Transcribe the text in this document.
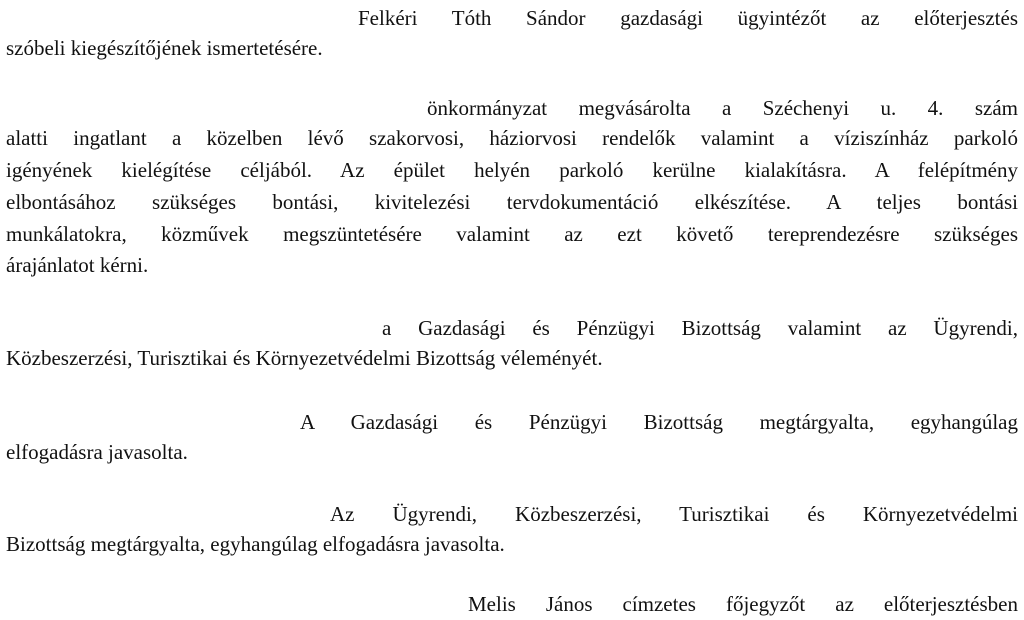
Felkéri Tóth Sándor gazdasági ügyintézőt az előterjesztés
szóbeli kiegészítőjének ismertetésére.
önkormányzat megvásárolta a Széchenyi u. 4. szám
alatti ingatlant a közelben lévő szakorvosi, háziorvosi rendelők valamint a víziszínház parkoló
igényének kielégítése céljából. Az épület helyén parkoló kerülne kialakításra. A felépítmény
elbontásához szükséges bontási, kivitelezési tervdokumentáció elkészítése. A teljes bontási
munkálatokra, közművek megszüntetésére valamint az ezt követő tereprendezésre szükséges
árajánlatot kérni.
a Gazdasági és Pénzügyi Bizottság valamint az Ügyrendi,
Közbeszerzési, Turisztikai és Környezetvédelmi Bizottság véleményét.
A Gazdasági és Pénzügyi Bizottság megtárgyalta, egyhangúlag
elfogadásra javasolta.
Az Ügyrendi, Közbeszerzési, Turisztikai és Környezetvédelmi
Bizottság megtárgyalta, egyhangúlag elfogadásra javasolta.
Melis János címzetes főjegyzőt az előterjesztésben
